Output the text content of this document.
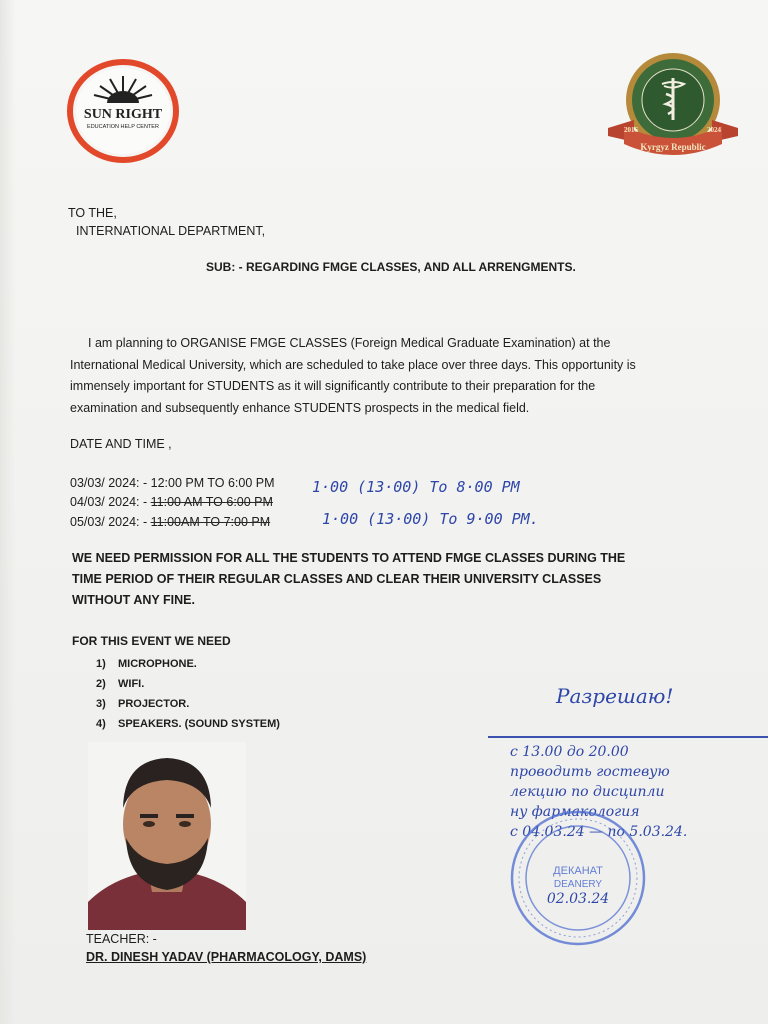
SUN RIGHT
EDUCATION HELP CENTER	2016	2024
Kyrgyz Republic
TO THE,
INTERNATIONAL DEPARTMENT,
SUB: - REGARDING FMGE CLASSES, AND ALL ARRENGMENTS.
I am planning to ORGANISE FMGE CLASSES (Foreign Medical Graduate Examination) at the
International Medical University, which are scheduled to take place over three days. This opportunity is
immensely important for STUDENTS as it will significantly contribute to their preparation for the
examination and subsequently enhance STUDENTS prospects in the medical field.
DATE AND TIME ,
03/03/ 2024: - 12:00 PM TO 6:00 PM
04/03/ 2024: - 11:00 AM TO 6:00 PM
05/03/ 2024: - 11:00AM TO 7:00 PM
1·00 (13·00) To 8·00 PM
1·00 (13·00) To 9·00 PM.
WE NEED PERMISSION FOR ALL THE STUDENTS TO ATTEND FMGE CLASSES DURING THE
TIME PERIOD OF THEIR REGULAR CLASSES AND CLEAR THEIR UNIVERSITY CLASSES
WITHOUT ANY FINE.
FOR THIS EVENT WE NEED
1) MICROPHONE.
2) WIFI.
3) PROJECTOR.
4) SPEAKERS. (SOUND SYSTEM)
TEACHER: -
DR. DINESH YADAV (PHARMACOLOGY, DAMS)
Разрешаю!
с 13.00 до 20.00
проводить гостевую
лекцию по дисципли
ну фармакология
с 04.03.24 — по 5.03.24.
ДЕКАНАТ
DEANERY
02.03.24
